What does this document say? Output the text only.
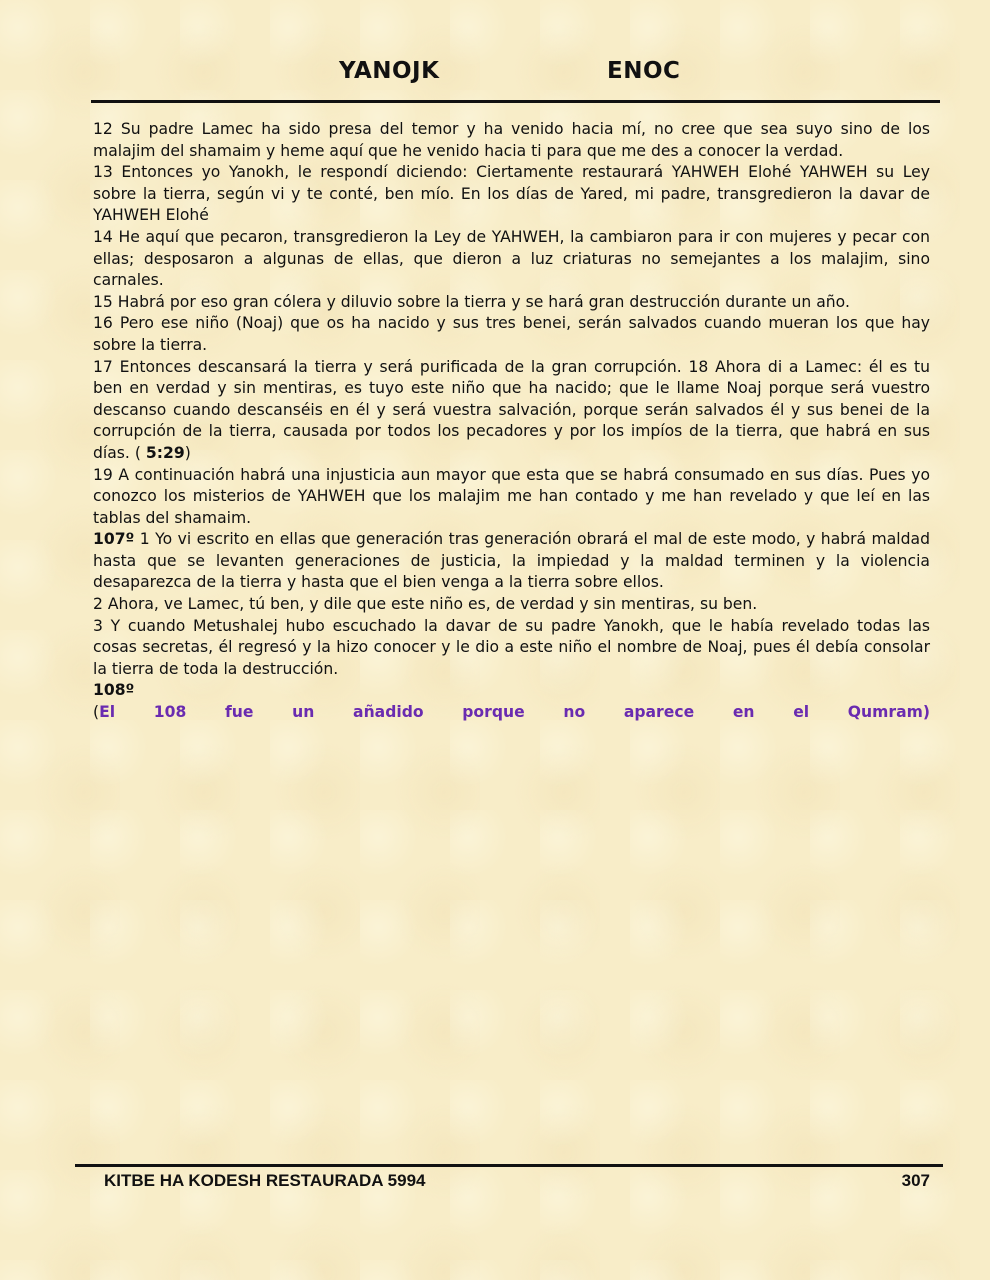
YANOJK	ENOC

12 Su padre Lamec ha sido presa del temor y ha venido hacia mí, no cree que sea suyo sino de los malajim del shamaim y heme aquí que he venido hacia ti para que me des a conocer la verdad.

13 Entonces yo Yanokh, le respondí diciendo: Ciertamente restaurará YAHWEH Elohé YAHWEH su Ley sobre la tierra, según vi y te conté, ben mío. En los días de Yared, mi padre, transgredieron la davar de YAHWEH Elohé

14 He aquí que pecaron, transgredieron la Ley de YAHWEH, la cambiaron para ir con mujeres y pecar con ellas; desposaron a algunas de ellas, que dieron a luz criaturas no semejantes a los malajim, sino carnales.

15 Habrá por eso gran cólera y diluvio sobre la tierra y se hará gran destrucción durante un año.

16 Pero ese niño (Noaj) que os ha nacido y sus tres benei, serán salvados cuando mueran los que hay sobre la tierra.

17 Entonces descansará la tierra y será purificada de la gran corrupción. 18 Ahora di a Lamec: él es tu ben en verdad y sin mentiras, es tuyo este niño que ha nacido; que le llame Noaj porque será vuestro descanso cuando descanséis en él y será vuestra salvación, porque serán salvados él y sus benei de la corrupción de la tierra, causada por todos los pecadores y por los impíos de la tierra, que habrá en sus días. ( 5:29)

19 A continuación habrá una injusticia aun mayor que esta que se habrá consumado en sus días. Pues yo conozco los misterios de YAHWEH que los malajim me han contado y me han revelado y que leí en las tablas del shamaim.

107º 1 Yo vi escrito en ellas que generación tras generación obrará el mal de este modo, y habrá maldad hasta que se levanten generaciones de justicia, la impiedad y la maldad terminen y la violencia desaparezca de la tierra y hasta que el bien venga a la tierra sobre ellos.

2 Ahora, ve Lamec, tú ben, y dile que este niño es, de verdad y sin mentiras, su ben.

3 Y cuando Metushalej hubo escuchado la davar de su padre Yanokh, que le había revelado todas las cosas secretas, él regresó y la hizo conocer y le dio a este niño el nombre de Noaj, pues él debía consolar la tierra de toda la destrucción.

108º

(El 108 fue un añadido porque no aparece en el Qumram)

KITBE HA KODESH RESTAURADA 5994	307
